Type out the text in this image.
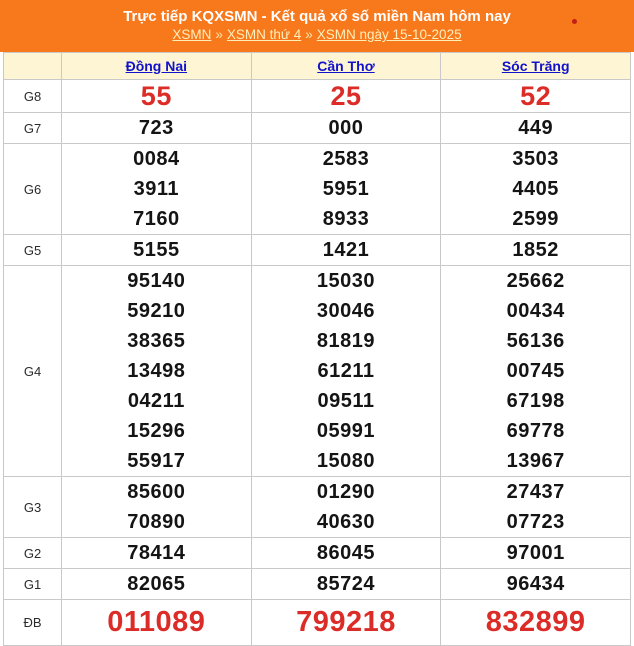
Trực tiếp KQXSMN - Kết quả xổ số miền Nam hôm nay
XSMN » XSMN thứ 4 » XSMN ngày 15-10-2025
	Đồng Nai	Cần Thơ	Sóc Trăng
G8	55	25	52
G7	723	000	449
G6	0084	2583	3503
	3911	5951	4405
	7160	8933	2599
G5	5155	1421	1852
G4	95140	15030	25662
	59210	30046	00434
	38365	81819	56136
	13498	61211	00745
	04211	09511	67198
	15296	05991	69778
	55917	15080	13967
G3	85600	01290	27437
	70890	40630	07723
G2	78414	86045	97001
G1	82065	85724	96434
ĐB	011089	799218	832899
